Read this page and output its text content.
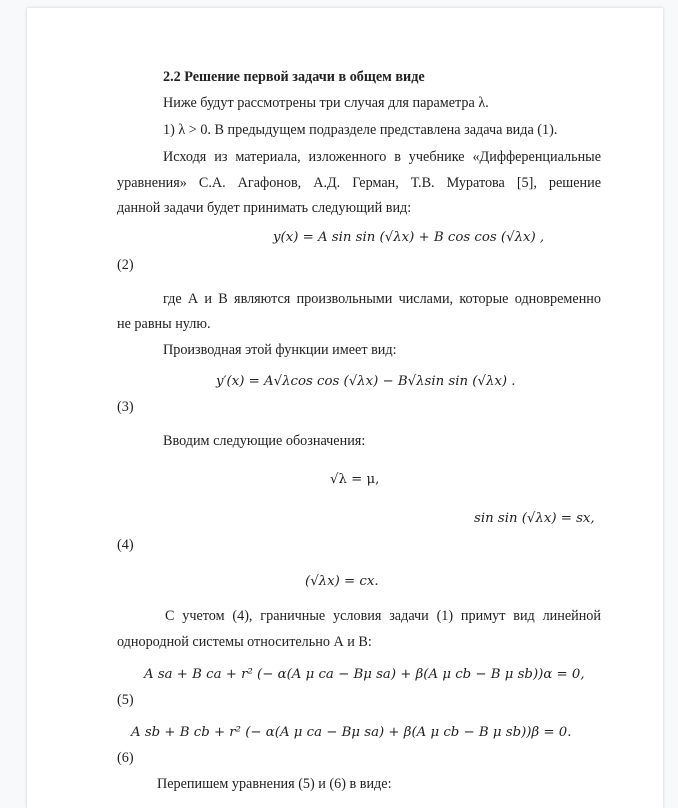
2.2 Решение первой задачи в общем виде
Ниже будут рассмотрены три случая для параметра λ.
1) λ > 0. В предыдущем подразделе представлена задача вида (1).
Исходя из материала, изложенного в учебнике «Дифференциальные
уравнения» С.А. Агафонов, А.Д. Герман, Т.В. Муратова [5], решение
данной задачи будет принимать следующий вид:
y(x) = A sin sin (√λx) + B cos cos (√λx) ,
(2)
где А и В являются произвольными числами, которые одновременно
не равны нулю.
Производная этой функции имеет вид:
y′(x) = A√λcos cos (√λx) − B√λsin sin (√λx) .
(3)
Вводим следующие обозначения:
√λ = μ,
sin sin (√λx) = sx,
(4)
(√λx) = cx.
С учетом (4), граничные условия задачи (1) примут вид линейной
однородной системы относительно А и В:
A sa + B ca + r² (− α(A μ ca − Bμ sa) + β(A μ cb − B μ sb))α = 0,
(5)
A sb + B cb + r² (− α(A μ ca − Bμ sa) + β(A μ cb − B μ sb))β = 0.
(6)
Перепишем уравнения (5) и (6) в виде:
